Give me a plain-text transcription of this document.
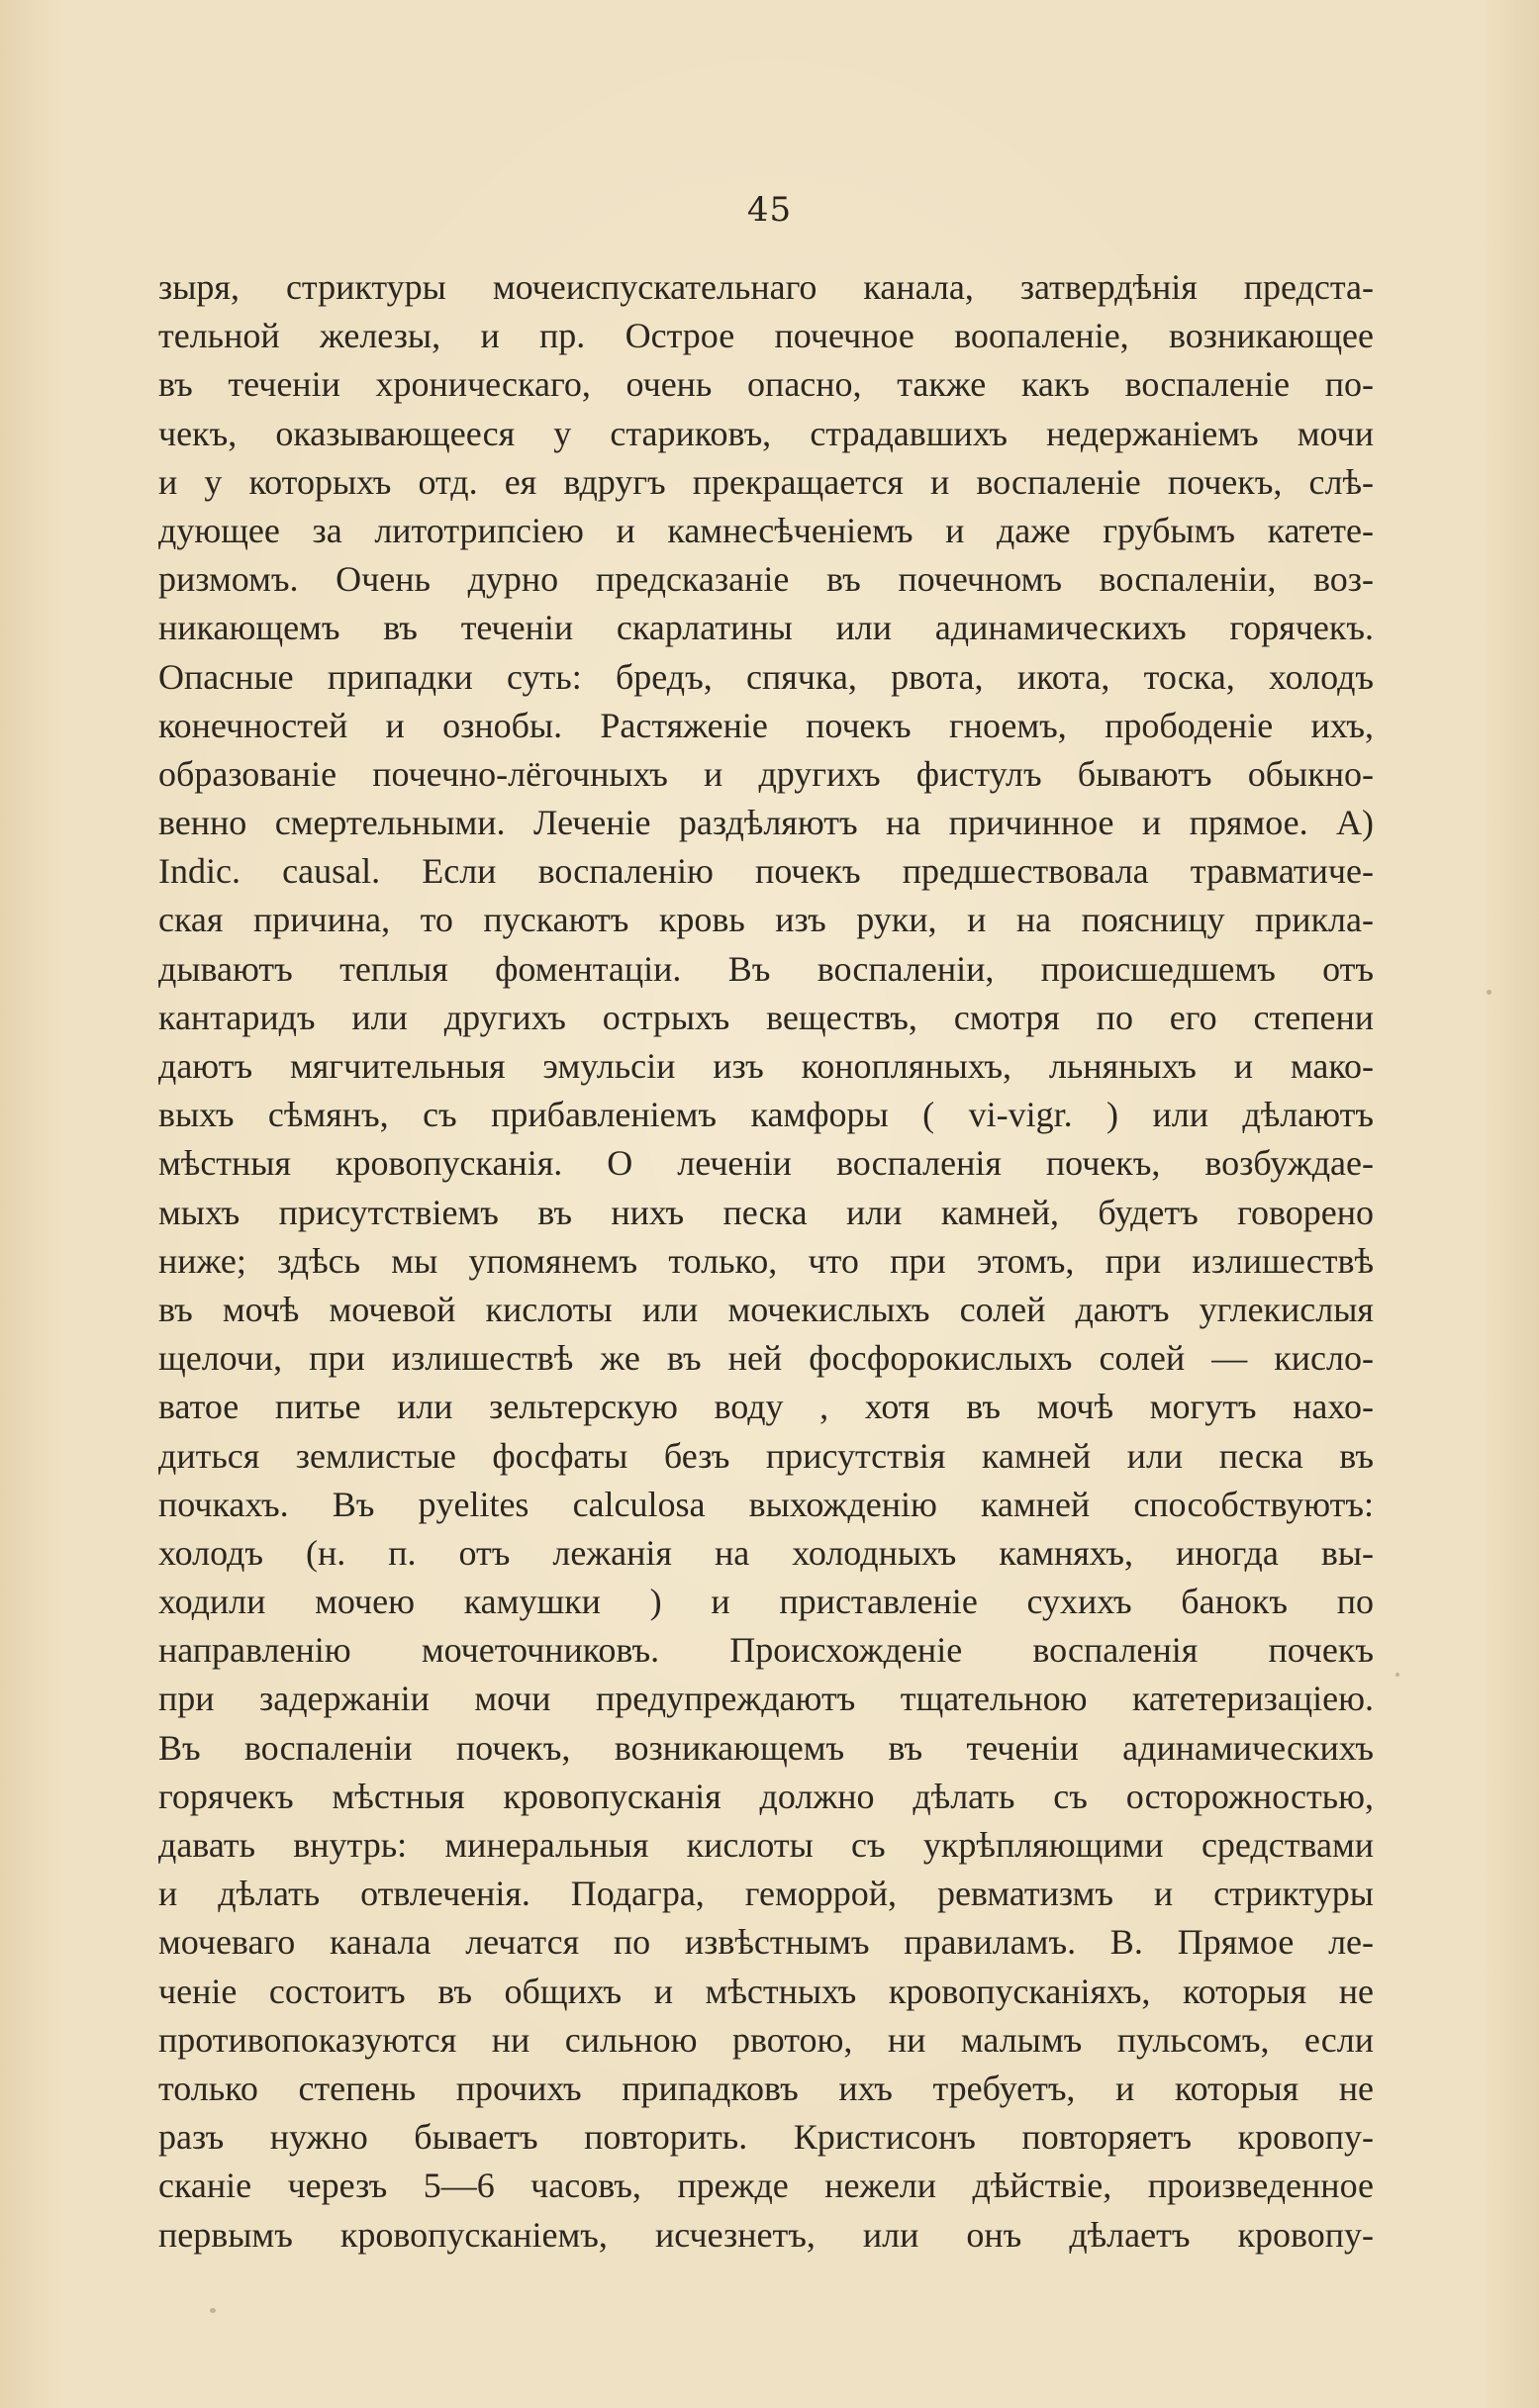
45
зыря, стриктуры мочеиспускательнаго канала, затвердѣнія предста-
тельной железы, и пр. Острое почечное воопаленіе, возникающее
въ теченіи хроническаго, очень опасно, также какъ воспаленіе по-
чекъ, оказывающееся у стариковъ, страдавшихъ недержаніемъ мочи
и у которыхъ отд. ея вдругъ прекращается и воспаленіе почекъ, слѣ-
дующее за литотрипсіею и камнесѣченіемъ и даже грубымъ катете-
ризмомъ. Очень дурно предсказаніе въ почечномъ воспаленіи, воз-
никающемъ въ теченіи скарлатины или адинамическихъ горячекъ.
Опасные припадки суть: бредъ, спячка, рвота, икота, тоска, холодъ
конечностей и ознобы. Растяженіе почекъ гноемъ, прободеніе ихъ,
образованіе почечно-лёгочныхъ и другихъ фистулъ бываютъ обыкно-
венно смертельными. Леченіе раздѣляютъ на причинное и прямое. А)
Indic. causal. Если воспаленію почекъ предшествовала травматиче-
ская причина, то пускаютъ кровь изъ руки, и на поясницу прикла-
дываютъ теплыя фоментаціи. Въ воспаленіи, происшедшемъ отъ
кантаридъ или другихъ острыхъ веществъ, смотря по его степени
даютъ мягчительныя эмульсіи изъ конопляныхъ, льняныхъ и мако-
выхъ сѣмянъ, съ прибавленіемъ камфоры ( vi-vigr. ) или дѣлаютъ
мѣстныя кровопусканія. О леченіи воспаленія почекъ, возбуждае-
мыхъ присутствіемъ въ нихъ песка или камней, будетъ говорено
ниже; здѣсь мы упомянемъ только, что при этомъ, при излишествѣ
въ мочѣ мочевой кислоты или мочекислыхъ солей даютъ углекислыя
щелочи, при излишествѣ же въ ней фосфорокислыхъ солей — кисло-
ватое питье или зельтерскую воду , хотя въ мочѣ могутъ нахо-
диться землистые фосфаты безъ присутствія камней или песка въ
почкахъ. Въ pyelites calculosa выхожденію камней способствуютъ:
холодъ (н. п. отъ лежанія на холодныхъ камняхъ, иногда вы-
ходили мочею камушки ) и приставленіе сухихъ банокъ по
направленію мочеточниковъ. Происхожденіе воспаленія почекъ
при задержаніи мочи предупреждаютъ тщательною катетеризаціею.
Въ воспаленіи почекъ, возникающемъ въ теченіи адинамическихъ
горячекъ мѣстныя кровопусканія должно дѣлать съ осторожностью,
давать внутрь: минеральныя кислоты съ укрѣпляющими средствами
и дѣлать отвлеченія. Подагра, геморрой, ревматизмъ и стриктуры
мочеваго канала лечатся по извѣстнымъ правиламъ. В. Прямое ле-
ченіе состоитъ въ общихъ и мѣстныхъ кровопусканіяхъ, которыя не
противопоказуются ни сильною рвотою, ни малымъ пульсомъ, если
только степень прочихъ припадковъ ихъ требуетъ, и которыя не
разъ нужно бываетъ повторить. Кристисонъ повторяетъ кровопу-
сканіе черезъ 5—6 часовъ, прежде нежели дѣйствіе, произведенное
первымъ кровопусканіемъ, исчезнетъ, или онъ дѣлаетъ кровопу-
